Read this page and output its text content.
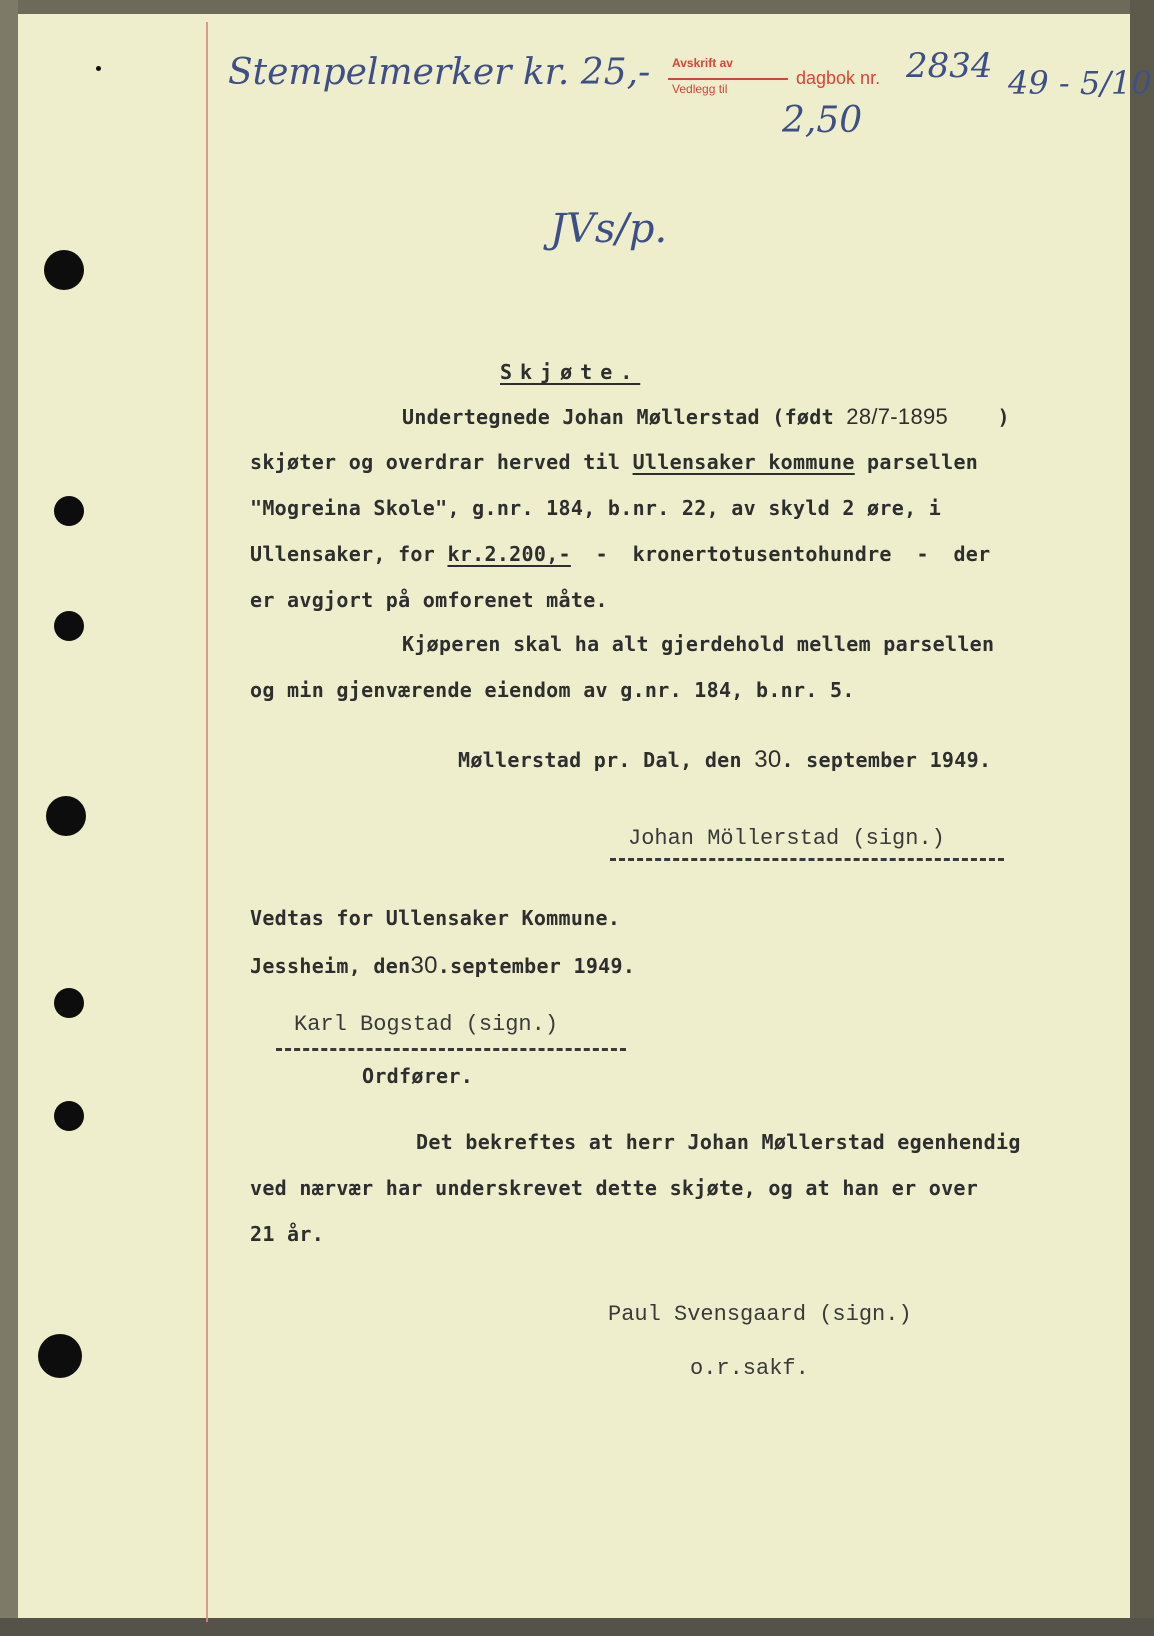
Stempelmerker kr. 25,- Avskrift av
Vedlegg til
dagbok nr. 2834 49 - 5/10
2,50
JVs/p.
Skjøte.
Undertegnede Johan Møllerstad (født 28/7-1895    )
skjøter og overdrar herved til Ullensaker kommune parsellen
"Mogreina Skole", g.nr. 184, b.nr. 22, av skyld 2 øre, i
Ullensaker, for kr.2.200,-  -  kronertotusentohundre  -  der
er avgjort på omforenet måte.
Kjøperen skal ha alt gjerdehold mellem parsellen
og min gjenværende eiendom av g.nr. 184, b.nr. 5.
Møllerstad pr. Dal, den 30. september 1949.
Johan Möllerstad (sign.)
Vedtas for Ullensaker Kommune.
Jessheim, den30.september 1949.
Karl Bogstad (sign.)
Ordfører.
Det bekreftes at herr Johan Møllerstad egenhendig
ved nærvær har underskrevet dette skjøte, og at han er over
21 år.
Paul Svensgaard (sign.)
o.r.sakf.
